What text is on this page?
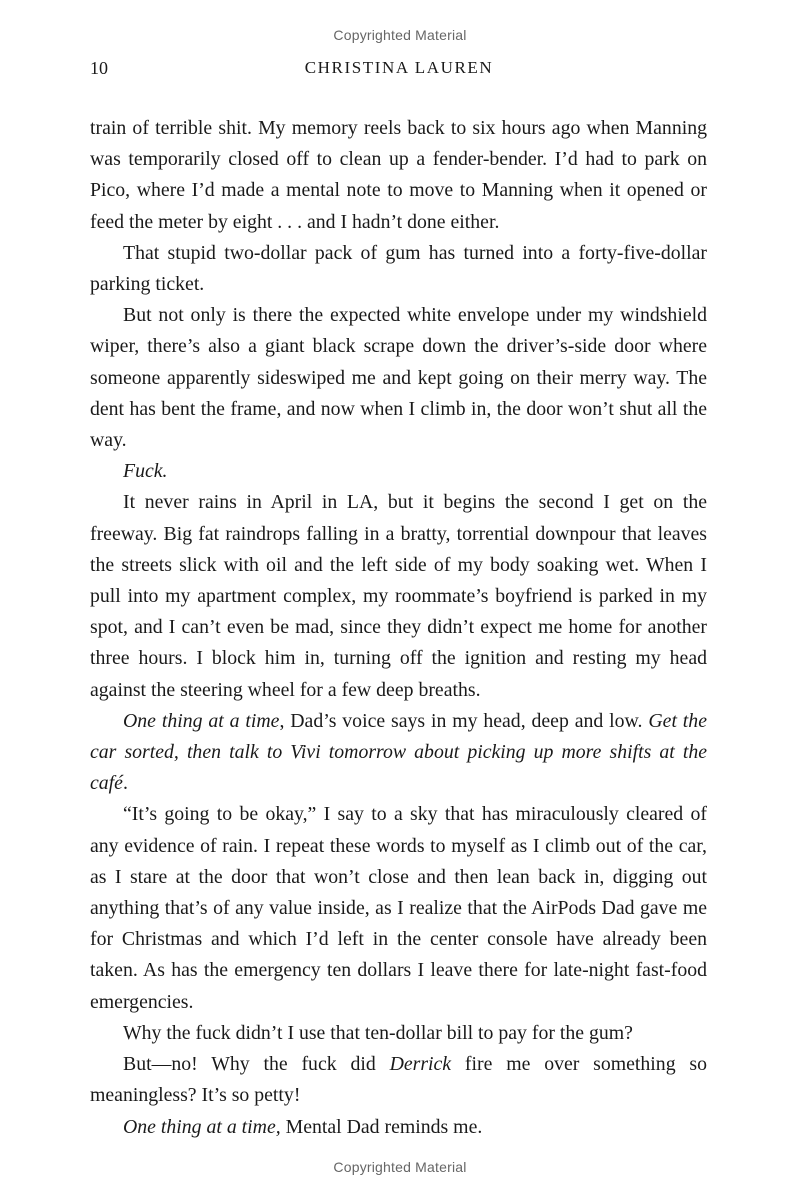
Copyrighted Material
10	CHRISTINA LAUREN

train of terrible shit. My memory reels back to six hours ago when Manning was temporarily closed off to clean up a fender-bender. I’d had to park on Pico, where I’d made a mental note to move to Manning when it opened or feed the meter by eight . . . and I hadn’t done either.

That stupid two-dollar pack of gum has turned into a forty-five-dollar parking ticket.

But not only is there the expected white envelope under my windshield wiper, there’s also a giant black scrape down the driver’s-side door where someone apparently sideswiped me and kept going on their merry way. The dent has bent the frame, and now when I climb in, the door won’t shut all the way.

Fuck.

It never rains in April in LA, but it begins the second I get on the freeway. Big fat raindrops falling in a bratty, torrential downpour that leaves the streets slick with oil and the left side of my body soaking wet. When I pull into my apartment complex, my roommate’s boyfriend is parked in my spot, and I can’t even be mad, since they didn’t expect me home for another three hours. I block him in, turning off the ignition and resting my head against the steering wheel for a few deep breaths.

One thing at a time, Dad’s voice says in my head, deep and low. Get the car sorted, then talk to Vivi tomorrow about picking up more shifts at the café.

“It’s going to be okay,” I say to a sky that has miraculously cleared of any evidence of rain. I repeat these words to myself as I climb out of the car, as I stare at the door that won’t close and then lean back in, digging out anything that’s of any value inside, as I realize that the AirPods Dad gave me for Christmas and which I’d left in the center console have already been taken. As has the emergency ten dollars I leave there for late-night fast-food emergencies.

Why the fuck didn’t I use that ten-dollar bill to pay for the gum?

But—no! Why the fuck did Derrick fire me over something so meaningless? It’s so petty!

One thing at a time, Mental Dad reminds me.

Copyrighted Material
